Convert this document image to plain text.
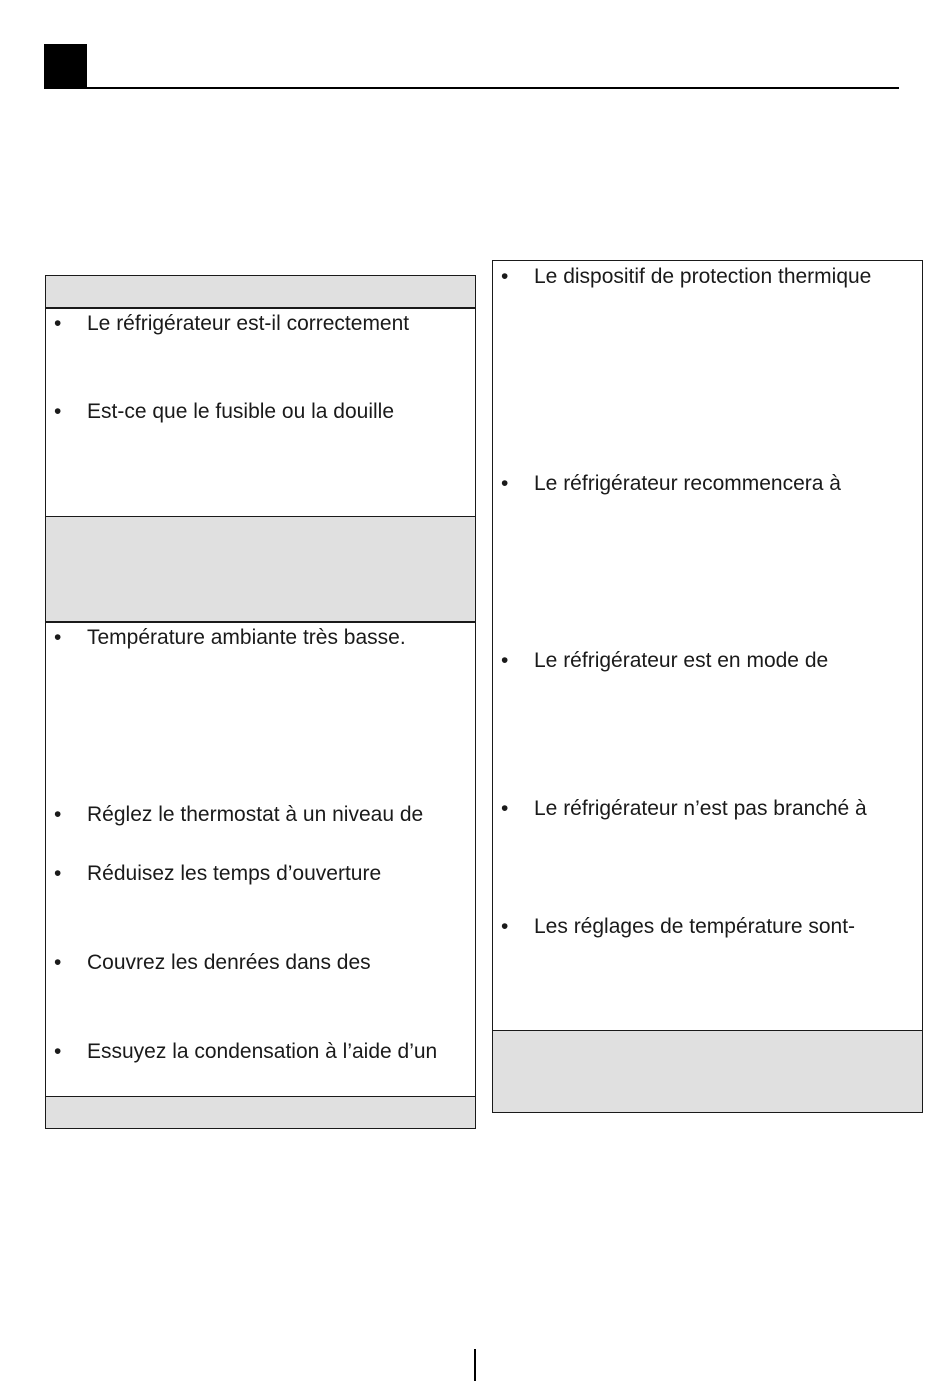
• Le réfrigérateur est-il correctement
• Est-ce que le fusible ou la douille
• Température ambiante très basse.
• Réglez le thermostat à un niveau de
• Réduisez les temps d’ouverture
• Couvrez les denrées dans des
• Essuyez la condensation à l’aide d’un
• Le dispositif de protection thermique
• Le réfrigérateur recommencera à
• Le réfrigérateur est en mode de
• Le réfrigérateur n’est pas branché à
• Les réglages de température sont-
